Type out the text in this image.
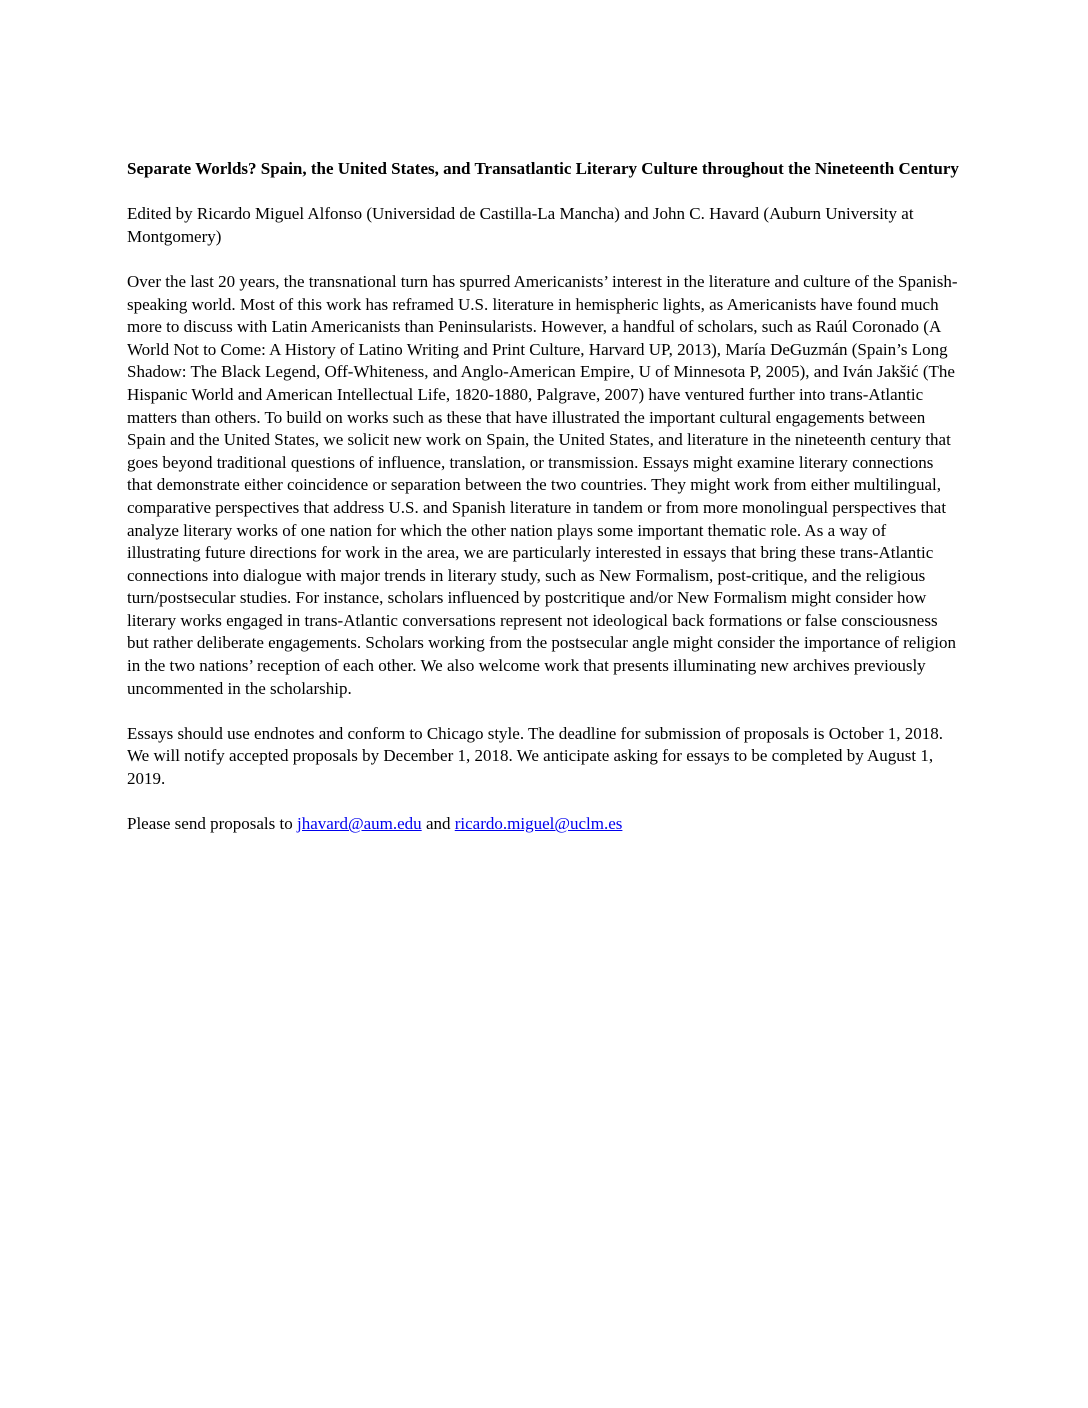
Separate Worlds? Spain, the United States, and Transatlantic Literary Culture throughout the Nineteenth Century

Edited by Ricardo Miguel Alfonso (Universidad de Castilla-La Mancha) and John C. Havard (Auburn University at Montgomery)

Over the last 20 years, the transnational turn has spurred Americanists’ interest in the literature and culture of the Spanish-speaking world. Most of this work has reframed U.S. literature in hemispheric lights, as Americanists have found much more to discuss with Latin Americanists than Peninsularists. However, a handful of scholars, such as Raúl Coronado (A World Not to Come: A History of Latino Writing and Print Culture, Harvard UP, 2013), María DeGuzmán (Spain’s Long Shadow: The Black Legend, Off-Whiteness, and Anglo-American Empire, U of Minnesota P, 2005), and Iván Jakšić (The Hispanic World and American Intellectual Life, 1820-1880, Palgrave, 2007) have ventured further into trans-Atlantic matters than others. To build on works such as these that have illustrated the important cultural engagements between Spain and the United States, we solicit new work on Spain, the United States, and literature in the nineteenth century that goes beyond traditional questions of influence, translation, or transmission. Essays might examine literary connections that demonstrate either coincidence or separation between the two countries. They might work from either multilingual, comparative perspectives that address U.S. and Spanish literature in tandem or from more monolingual perspectives that analyze literary works of one nation for which the other nation plays some important thematic role. As a way of illustrating future directions for work in the area, we are particularly interested in essays that bring these trans-Atlantic connections into dialogue with major trends in literary study, such as New Formalism, post-critique, and the religious turn/postsecular studies. For instance, scholars influenced by postcritique and/or New Formalism might consider how literary works engaged in trans-Atlantic conversations represent not ideological back formations or false consciousness but rather deliberate engagements. Scholars working from the postsecular angle might consider the importance of religion in the two nations’ reception of each other. We also welcome work that presents illuminating new archives previously uncommented in the scholarship.

Essays should use endnotes and conform to Chicago style. The deadline for submission of proposals is October 1, 2018. We will notify accepted proposals by December 1, 2018. We anticipate asking for essays to be completed by August 1, 2019.

Please send proposals to jhavard@aum.edu and ricardo.miguel@uclm.es
